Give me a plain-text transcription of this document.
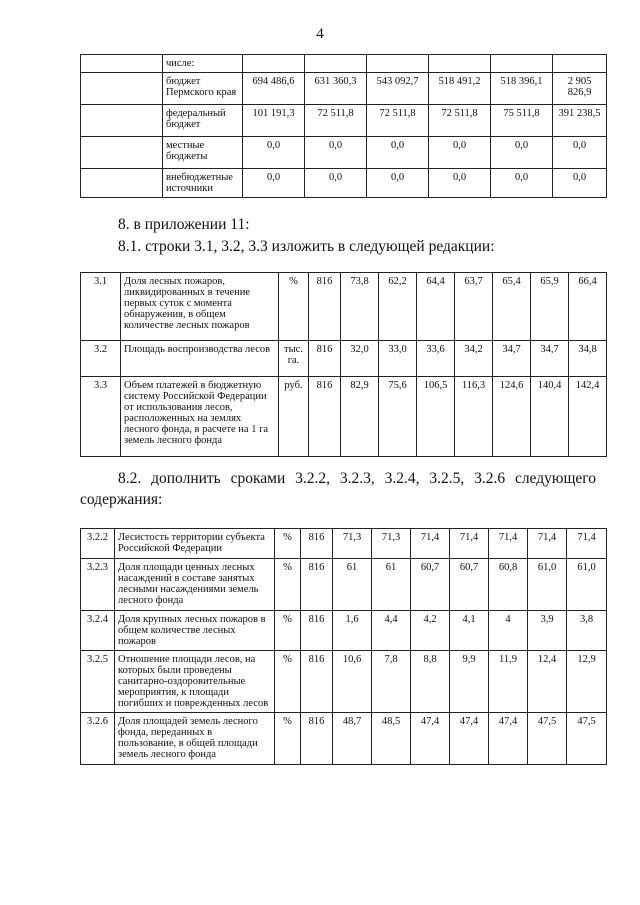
4
	числе:						
	бюджет Пермского края	694 486,6	631 360,3	543 092,7	518 491,2	518 396,1	2 905 826,9
	федеральный бюджет	101 191,3	72 511,8	72 511,8	72 511,8	75 511,8	391 238,5
	местные бюджеты	0,0	0,0	0,0	0,0	0,0	0,0
	внебюджетные источники	0,0	0,0	0,0	0,0	0,0	0,0
8. в приложении 11:
8.1. строки 3.1, 3.2, 3.3 изложить в следующей редакции:
3.1	Доля лесных пожаров, ликвидированных в течение первых суток с момента обнаружения, в общем количестве лесных пожаров	%	816	73,8	62,2	64,4	63,7	65,4	65,9	66,4
3.2	Площадь воспроизводства лесов	тыс. га.	816	32,0	33,0	33,6	34,2	34,7	34,7	34,8
3.3	Объем платежей в бюджетную систему Российской Федерации от использования лесов, расположенных на землях лесного фонда, в расчете на 1 га земель лесного фонда	руб.	816	82,9	75,6	106,5	116,3	124,6	140,4	142,4
8.2. дополнить сроками 3.2.2, 3.2.3, 3.2.4, 3.2.5, 3.2.6 следующего
содержания:
3.2.2	Лесистость территории субъекта Российской Федерации	%	816	71,3	71,3	71,4	71,4	71,4	71,4	71,4
3.2.3	Доля площади ценных лесных насаждений в составе занятых лесными насаждениями земель лесного фонда	%	816	61	61	60,7	60,7	60,8	61,0	61,0
3.2.4	Доля крупных лесных пожаров в общем количестве лесных пожаров	%	816	1,6	4,4	4,2	4,1	4	3,9	3,8
3.2.5	Отношение площади лесов, на которых были проведены санитарно-оздоровительные мероприятия, к площади погибших и поврежденных лесов	%	816	10,6	7,8	8,8	9,9	11,9	12,4	12,9
3.2.6	Доля площадей земель лесного фонда, переданных в пользование, в общей площади земель лесного фонда	%	816	48,7	48,5	47,4	47,4	47,4	47,5	47,5
